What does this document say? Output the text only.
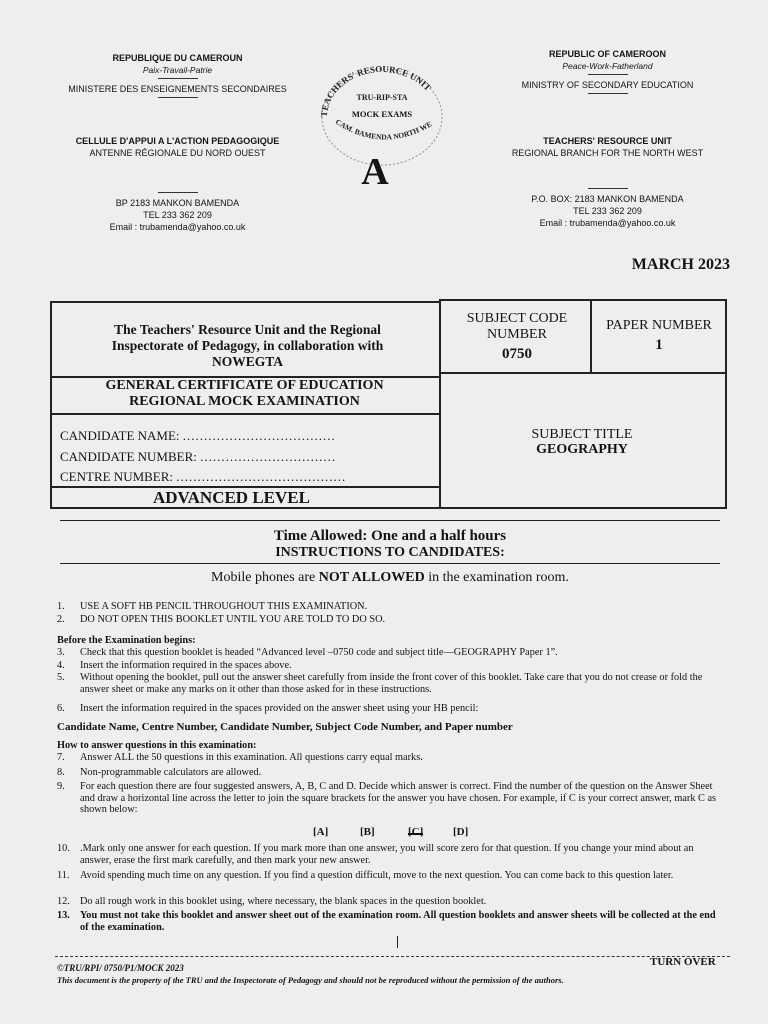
REPUBLIQUE DU CAMEROUN
Paix-Travail-Patrie
MINISTERE DES ENSEIGNEMENTS SECONDAIRES
CELLULE D'APPUI A L'ACTION PEDAGOGIQUE
ANTENNE RÉGIONALE DU NORD OUEST
BP 2183 MANKON BAMENDA
TEL 233 362 209
Email : trubamenda@yahoo.co.uk
REPUBLIC OF CAMEROON
Peace-Work-Fatherland
MINISTRY OF SECONDARY EDUCATION
TEACHERS' RESOURCE UNIT
REGIONAL BRANCH FOR THE NORTH WEST
P.O. BOX: 2183 MANKON BAMENDA
TEL 233 362 209
Email : trubamenda@yahoo.co.uk
TEACHERS' RESOURCE UNIT
TRU-RIP-STA
MOCK EXAMS
CAM. BAMENDA NORTH WE
A
MARCH 2023
The Teachers' Resource Unit and the Regional Inspectorate of Pedagogy, in collaboration with NOWEGTA
SUBJECT CODE NUMBER
0750
PAPER NUMBER
1
GENERAL CERTIFICATE OF EDUCATION
REGIONAL MOCK EXAMINATION
CANDIDATE NAME: ....................................
CANDIDATE NUMBER: ................................
CENTRE NUMBER: ........................................
ADVANCED LEVEL
SUBJECT TITLE
GEOGRAPHY
Time Allowed: One and a half hours
INSTRUCTIONS TO CANDIDATES:
Mobile phones are NOT ALLOWED in the examination room.
1.	USE A SOFT HB PENCIL THROUGHOUT THIS EXAMINATION.
2.	DO NOT OPEN THIS BOOKLET UNTIL YOU ARE TOLD TO DO SO.
Before the Examination begins:
3.	Check that this question booklet is headed “Advanced level –0750 code and subject title—GEOGRAPHY Paper 1”.
4.	Insert the information required in the spaces above.
5.	Without opening the booklet, pull out the answer sheet carefully from inside the front cover of this booklet. Take care that you do not crease or fold the answer sheet or make any marks on it other than those asked for in these instructions.
6.	Insert the information required in the spaces provided on the answer sheet using your HB pencil:
Candidate Name, Centre Number, Candidate Number, Subject Code Number, and Paper number
How to answer questions in this examination:
7.	Answer ALL the 50 questions in this examination. All questions carry equal marks.
8.	Non-programmable calculators are allowed.
9.	For each question there are four suggested answers, A, B, C and D. Decide which answer is correct. Find the number of the question on the Answer Sheet and draw a horizontal line across the letter to join the square brackets for the answer you have chosen. For example, if C is your correct answer, mark C as shown below:
[A]	[B]	[C]	[D]
10. .Mark only one answer for each question. If you mark more than one answer, you will score zero for that question. If you change your mind about an answer, erase the first mark carefully, and then mark your new answer.
11.	Avoid spending much time on any question. If you find a question difficult, move to the next question. You can come back to this question later.
12. Do all rough work in this booklet using, where necessary, the blank spaces in the question booklet.
13. You must not take this booklet and answer sheet out of the examination room. All question booklets and answer sheets will be collected at the end of the examination.
©TRU/RPI/ 0750/P1/MOCK 2023
This document is the property of the TRU and the Inspectorate of Pedagogy and should not be reproduced without the permission of the authors.
TURN OVER
